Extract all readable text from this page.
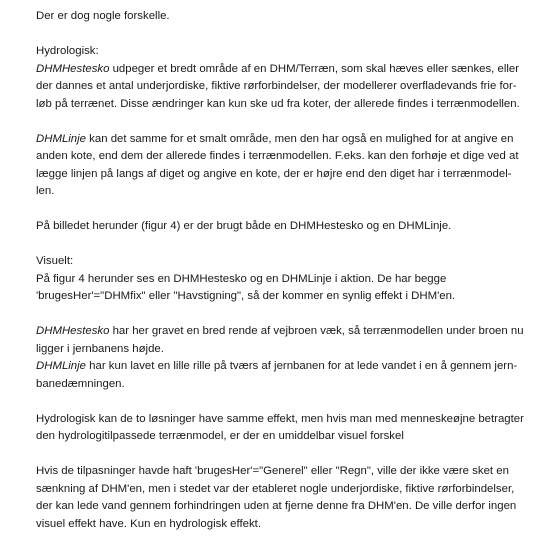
Der er dog nogle forskelle.

Hydrologisk:
DHMHestesko udpeger et bredt område af en DHM/Terræn, som skal hæves eller sænkes, eller
der dannes et antal underjordiske, fiktive rørforbindelser, der modellerer overfladevands frie for-
løb på terrænet. Disse ændringer kan kun ske ud fra koter, der allerede findes i terrænmodellen.

DHMLinje kan det samme for et smalt område, men den har også en mulighed for at angive en
anden kote, end dem der allerede findes i terrænmodellen. F.eks. kan den forhøje et dige ved at
lægge linjen på langs af diget og angive en kote, der er højre end den diget har i terrænmodel-
len.

På billedet herunder (figur 4) er der brugt både en DHMHestesko og en DHMLinje.

Visuelt:
På figur 4 herunder ses en DHMHestesko og en DHMLinje i aktion. De har begge
'brugesHer'="DHMfix" eller "Havstigning", så der kommer en synlig effekt i DHM'en.

DHMHestesko har her gravet en bred rende af vejbroen væk, så terrænmodellen under broen nu
ligger i jernbanens højde.
DHMLinje har kun lavet en lille rille på tværs af jernbanen for at lede vandet i en å gennem jern-
banedæmningen.

Hydrologisk kan de to løsninger have samme effekt, men hvis man med menneskeøjne betragter
den hydrologitilpassede terrænmodel, er der en umiddelbar visuel forskel

Hvis de tilpasninger havde haft 'brugesHer'="Generel" eller "Regn", ville der ikke være sket en
sænkning af DHM'en, men i stedet var der etableret nogle underjordiske, fiktive rørforbindelser,
der kan lede vand gennem forhindringen uden at fjerne denne fra DHM'en. De ville derfor ingen
visuel effekt have. Kun en hydrologisk effekt.
